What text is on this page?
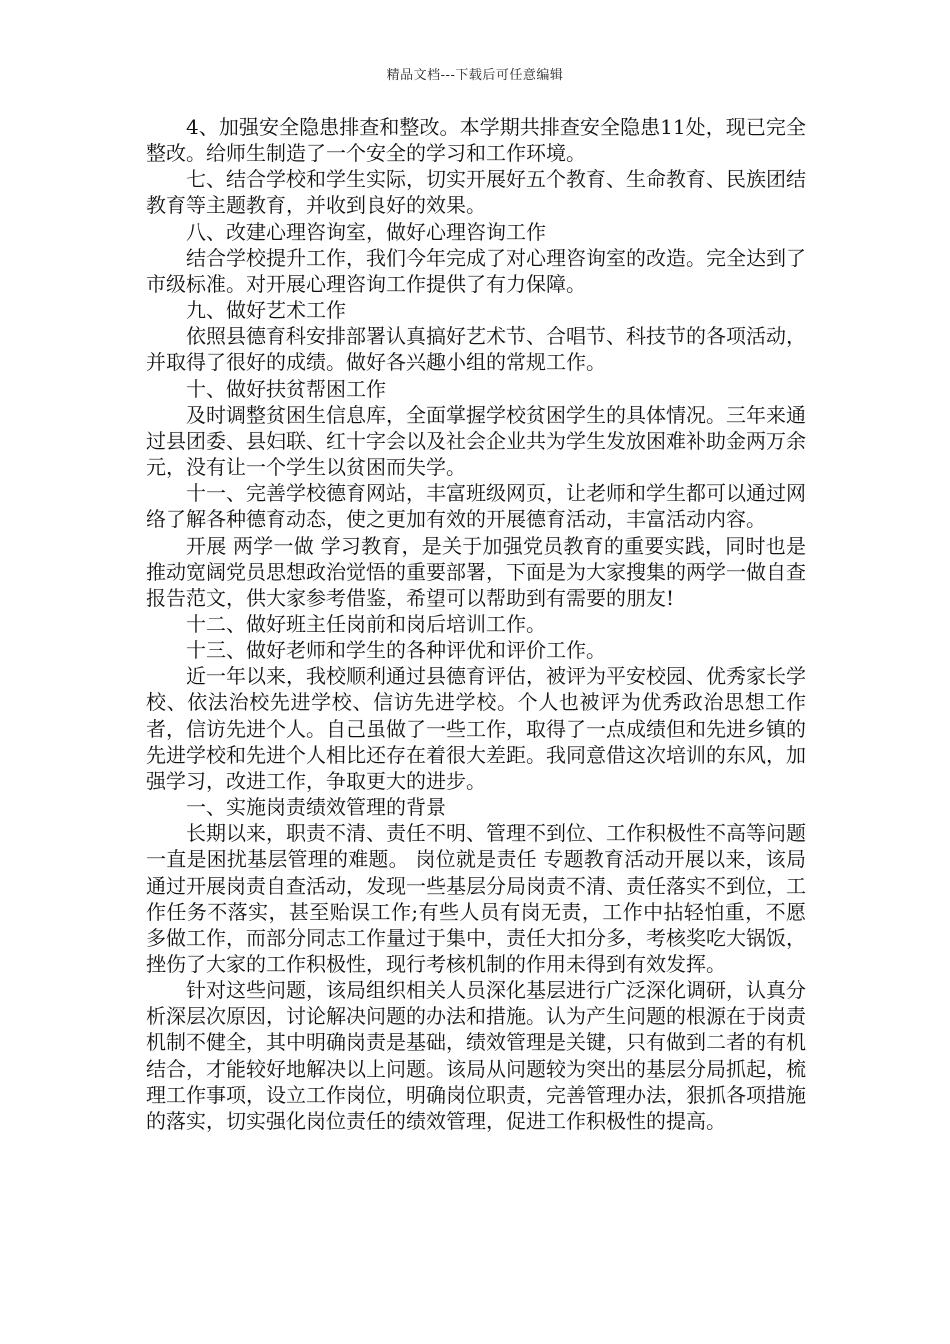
精品文档---下载后可任意编辑

4、加强安全隐患排查和整改。本学期共排查安全隐患11处，现已完全整改。给师生制造了一个安全的学习和工作环境。

七、结合学校和学生实际，切实开展好五个教育、生命教育、民族团结教育等主题教育，并收到良好的效果。

八、改建心理咨询室，做好心理咨询工作

结合学校提升工作，我们今年完成了对心理咨询室的改造。完全达到了市级标准。对开展心理咨询工作提供了有力保障。

九、做好艺术工作

依照县德育科安排部署认真搞好艺术节、合唱节、科技节的各项活动，并取得了很好的成绩。做好各兴趣小组的常规工作。

十、做好扶贫帮困工作

及时调整贫困生信息库，全面掌握学校贫困学生的具体情况。三年来通过县团委、县妇联、红十字会以及社会企业共为学生发放困难补助金两万余元，没有让一个学生以贫困而失学。

十一、完善学校德育网站，丰富班级网页，让老师和学生都可以通过网络了解各种德育动态，使之更加有效的开展德育活动，丰富活动内容。

开展 两学一做 学习教育，是关于加强党员教育的重要实践，同时也是推动宽阔党员思想政治觉悟的重要部署，下面是为大家搜集的两学一做自查报告范文，供大家参考借鉴，希望可以帮助到有需要的朋友!

十二、做好班主任岗前和岗后培训工作。

十三、做好老师和学生的各种评优和评价工作。

近一年以来，我校顺利通过县德育评估，被评为平安校园、优秀家长学校、依法治校先进学校、信访先进学校。个人也被评为优秀政治思想工作者，信访先进个人。自己虽做了一些工作，取得了一点成绩但和先进乡镇的先进学校和先进个人相比还存在着很大差距。我同意借这次培训的东风，加强学习，改进工作，争取更大的进步。

一、实施岗责绩效管理的背景

长期以来，职责不清、责任不明、管理不到位、工作积极性不高等问题一直是困扰基层管理的难题。 岗位就是责任 专题教育活动开展以来，该局通过开展岗责自查活动，发现一些基层分局岗责不清、责任落实不到位，工作任务不落实，甚至贻误工作;有些人员有岗无责，工作中拈轻怕重，不愿多做工作，而部分同志工作量过于集中，责任大扣分多，考核奖吃大锅饭，挫伤了大家的工作积极性，现行考核机制的作用未得到有效发挥。

针对这些问题，该局组织相关人员深化基层进行广泛深化调研，认真分析深层次原因，讨论解决问题的办法和措施。认为产生问题的根源在于岗责机制不健全，其中明确岗责是基础，绩效管理是关键，只有做到二者的有机结合，才能较好地解决以上问题。该局从问题较为突出的基层分局抓起，梳理工作事项，设立工作岗位，明确岗位职责，完善管理办法，狠抓各项措施的落实，切实强化岗位责任的绩效管理，促进工作积极性的提高。
